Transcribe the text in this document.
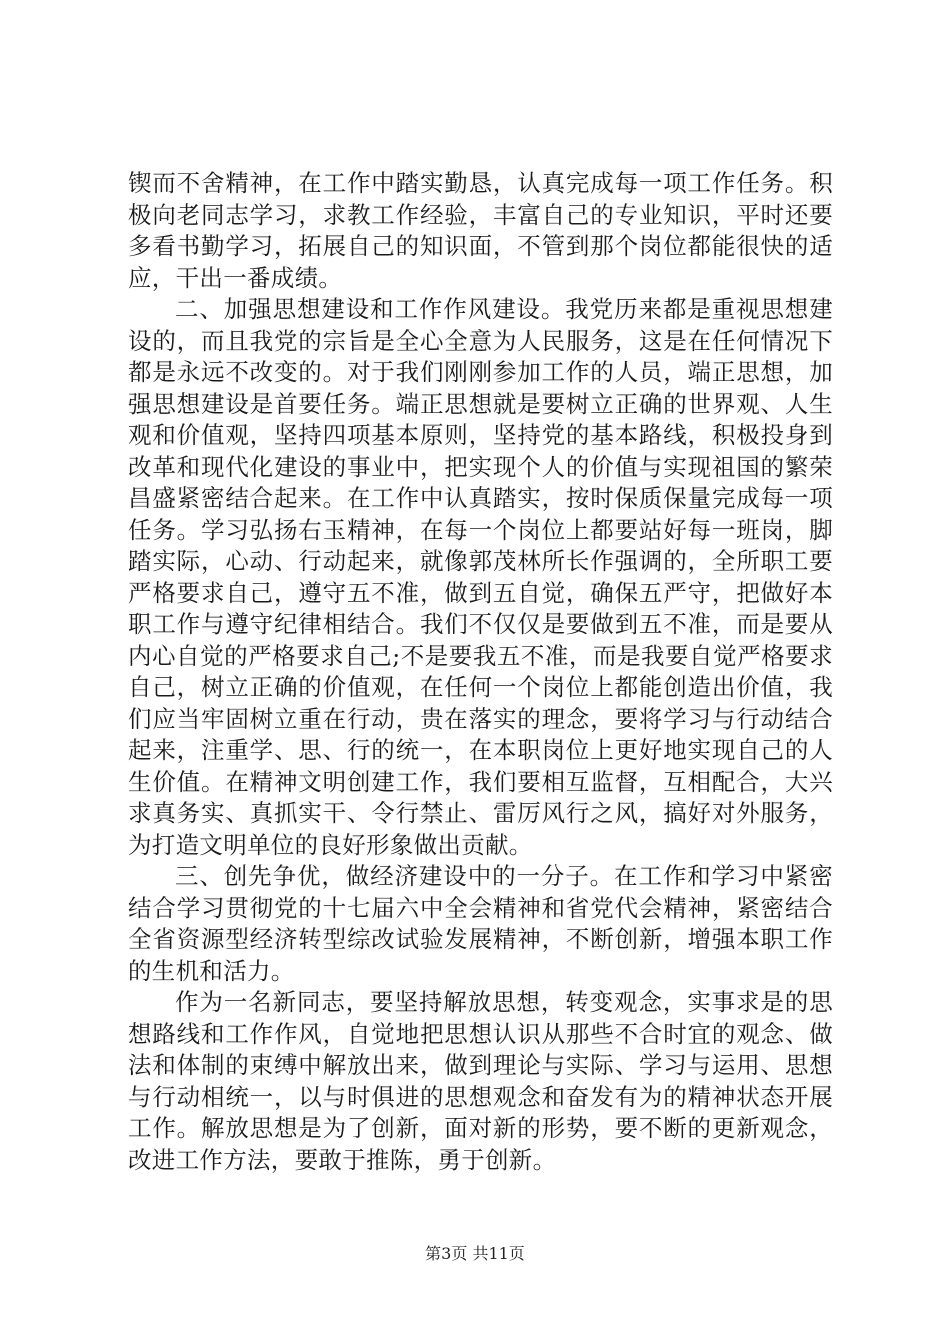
锲而不舍精神，在工作中踏实勤恳，认真完成每一项工作任务。积极向老同志学习，求教工作经验，丰富自己的专业知识，平时还要多看书勤学习，拓展自己的知识面，不管到那个岗位都能很快的适应，干出一番成绩。

二、加强思想建设和工作作风建设。我党历来都是重视思想建设的，而且我党的宗旨是全心全意为人民服务，这是在任何情况下都是永远不改变的。对于我们刚刚参加工作的人员，端正思想，加强思想建设是首要任务。端正思想就是要树立正确的世界观、人生观和价值观，坚持四项基本原则，坚持党的基本路线，积极投身到改革和现代化建设的事业中，把实现个人的价值与实现祖国的繁荣昌盛紧密结合起来。在工作中认真踏实，按时保质保量完成每一项任务。学习弘扬右玉精神，在每一个岗位上都要站好每一班岗，脚踏实际，心动、行动起来，就像郭茂林所长作强调的，全所职工要严格要求自己，遵守五不准，做到五自觉，确保五严守，把做好本职工作与遵守纪律相结合。我们不仅仅是要做到五不准，而是要从内心自觉的严格要求自己;不是要我五不准，而是我要自觉严格要求自己，树立正确的价值观，在任何一个岗位上都能创造出价值，我们应当牢固树立重在行动，贵在落实的理念，要将学习与行动结合起来，注重学、思、行的统一，在本职岗位上更好地实现自己的人生价值。在精神文明创建工作，我们要相互监督，互相配合，大兴求真务实、真抓实干、令行禁止、雷厉风行之风，搞好对外服务，为打造文明单位的良好形象做出贡献。

三、创先争优，做经济建设中的一分子。在工作和学习中紧密结合学习贯彻党的十七届六中全会精神和省党代会精神，紧密结合全省资源型经济转型综改试验发展精神，不断创新，增强本职工作的生机和活力。

作为一名新同志，要坚持解放思想，转变观念，实事求是的思想路线和工作作风，自觉地把思想认识从那些不合时宜的观念、做法和体制的束缚中解放出来，做到理论与实际、学习与运用、思想与行动相统一，以与时俱进的思想观念和奋发有为的精神状态开展工作。解放思想是为了创新，面对新的形势，要不断的更新观念，改进工作方法，要敢于推陈，勇于创新。

第3页 共11页
